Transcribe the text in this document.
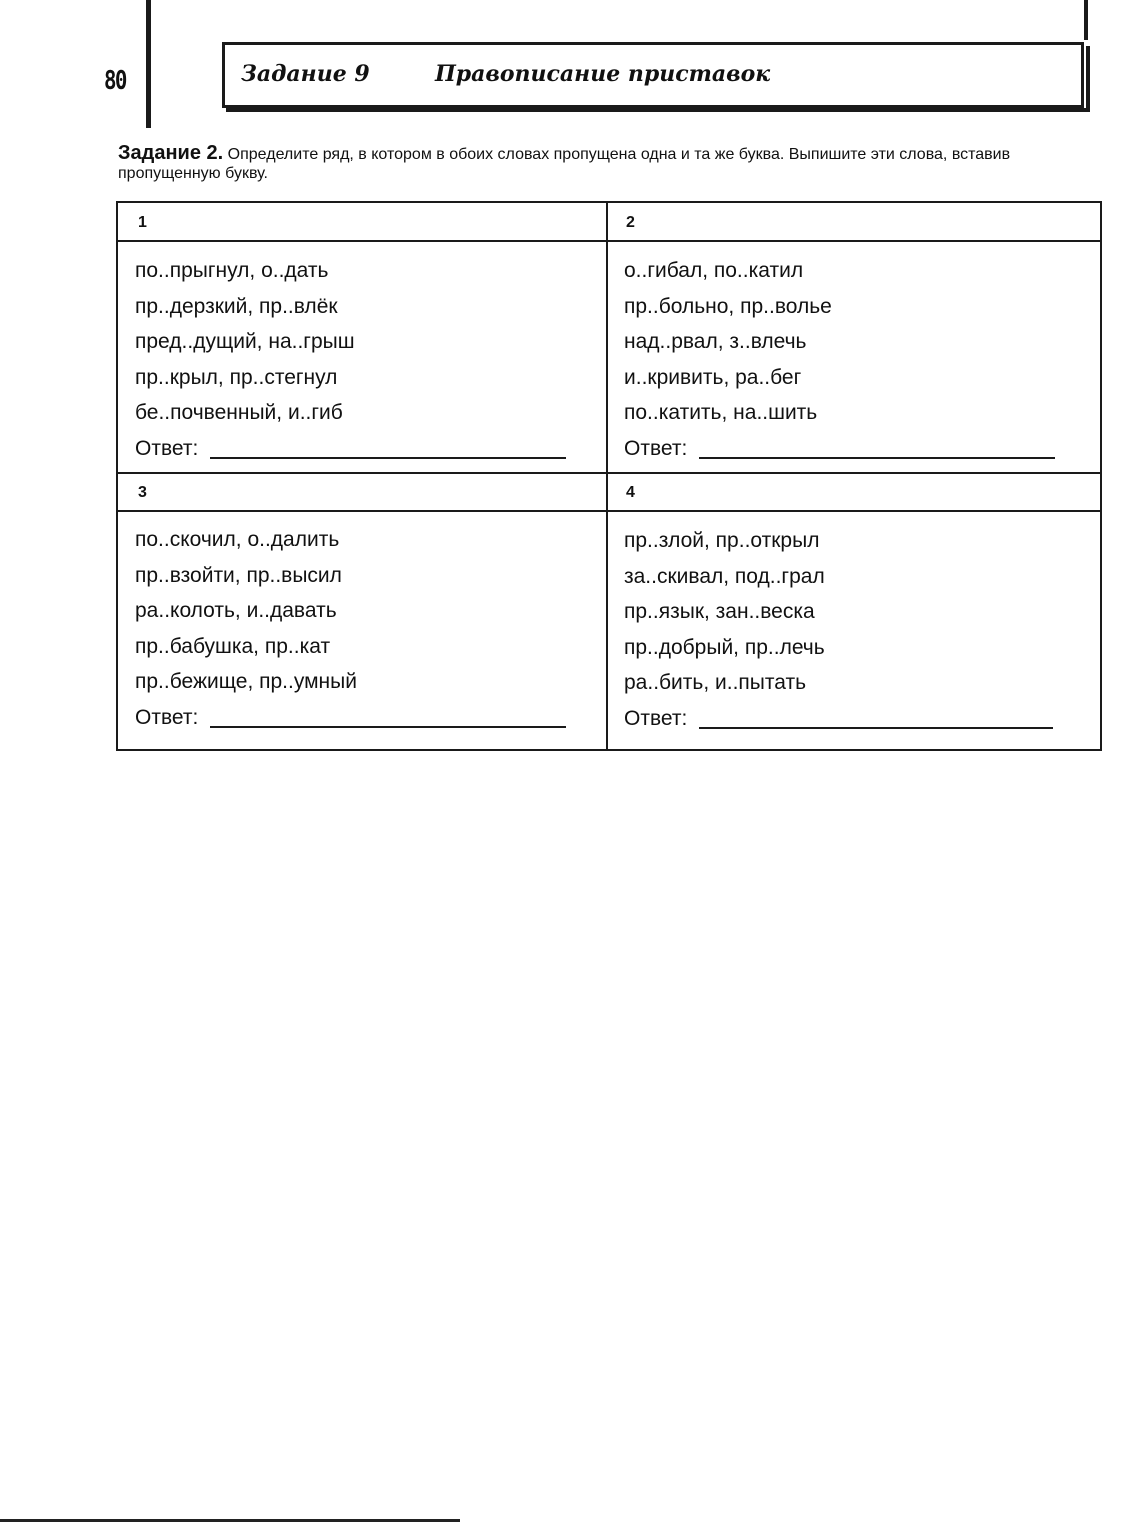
80	Задание 9	Правописание приставок
Задание 2. Определите ряд, в котором в обоих словах пропущена одна и та же буква. Выпишите эти слова, вставив пропущенную букву.
1
по..прыгнул, о..дать
пр..дерзкий, пр..влёк
пред..дущий, на..грыш
пр..крыл, пр..стегнул
бе..почвенный, и..гиб
Ответ:
2
о..гибал, по..катил
пр..больно, пр..волье
над..рвал, з..влечь
и..кривить, ра..бег
по..катить, на..шить
Ответ:
3
по..скочил, о..далить
пр..взойти, пр..высил
ра..колоть, и..давать
пр..бабушка, пр..кат
пр..бежище, пр..умный
Ответ:
4
пр..злой, пр..открыл
за..скивал, под..грал
пр..язык, зан..веска
пр..добрый, пр..лечь
ра..бить, и..пытать
Ответ:
